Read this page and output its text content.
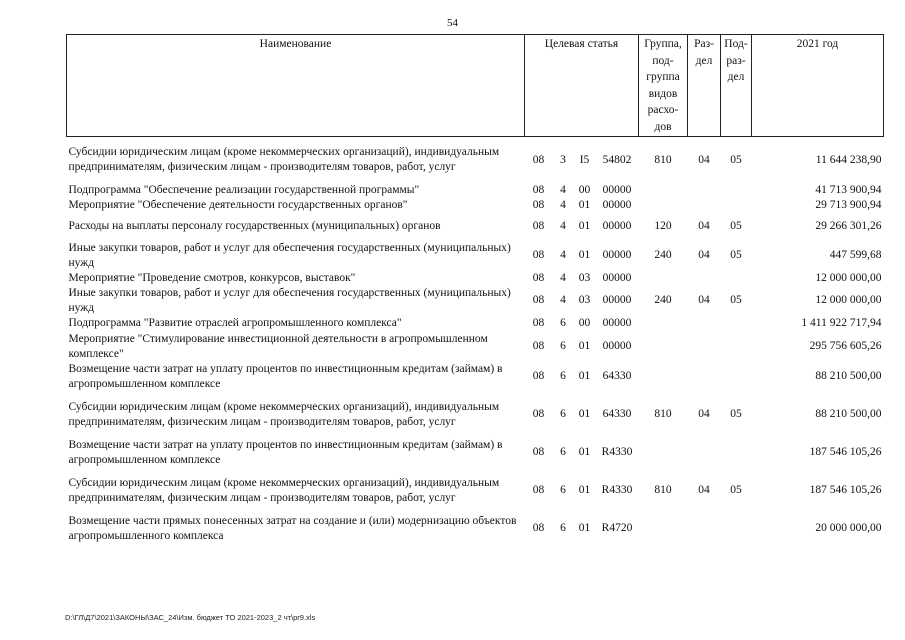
54
Наименование	Целевая статья				Группа, под-группа видов расхо-дов	Раз-дел	Под-раз-дел	2021 год
Субсидии юридическим лицам (кроме некоммерческих организаций), индивидуальным предпринимателям, физическим лицам - производителям товаров, работ, услуг	08	3	I5	54802	810	04	05	11 644 238,90
Подпрограмма "Обеспечение реализации государственной программы"	08	4	00	00000				41 713 900,94
Мероприятие "Обеспечение деятельности государственных органов"	08	4	01	00000				29 713 900,94
Расходы на выплаты персоналу государственных (муниципальных) органов	08	4	01	00000	120	04	05	29 266 301,26
Иные закупки товаров, работ и услуг для обеспечения государственных (муниципальных) нужд	08	4	01	00000	240	04	05	447 599,68
Мероприятие "Проведение смотров, конкурсов, выставок"	08	4	03	00000				12 000 000,00
Иные закупки товаров, работ и услуг для обеспечения государственных (муниципальных) нужд	08	4	03	00000	240	04	05	12 000 000,00
Подпрограмма "Развитие отраслей агропромышленного комплекса"	08	6	00	00000				1 411 922 717,94
Мероприятие "Стимулирование инвестиционной деятельности в агропромышленном комплексе"	08	6	01	00000				295 756 605,26
Возмещение части затрат на уплату процентов по инвестиционным кредитам (займам) в агропромышленном комплексе	08	6	01	64330				88 210 500,00
Субсидии юридическим лицам (кроме некоммерческих организаций), индивидуальным предпринимателям, физическим лицам - производителям товаров, работ, услуг	08	6	01	64330	810	04	05	88 210 500,00
Возмещение части затрат на уплату процентов по инвестиционным кредитам (займам) в агропромышленном комплексе	08	6	01	R4330				187 546 105,26
Субсидии юридическим лицам (кроме некоммерческих организаций), индивидуальным предпринимателям, физическим лицам - производителям товаров, работ, услуг	08	6	01	R4330	810	04	05	187 546 105,26
Возмещение части прямых понесенных затрат на создание и (или) модернизацию объектов агропромышленного комплекса	08	6	01	R4720				20 000 000,00
D:\ГЛ\Д7\2021\ЗАКОНЫ\ЗАС_24\Изм. бюджет ТО 2021-2023_2 чт\pr9.xls
